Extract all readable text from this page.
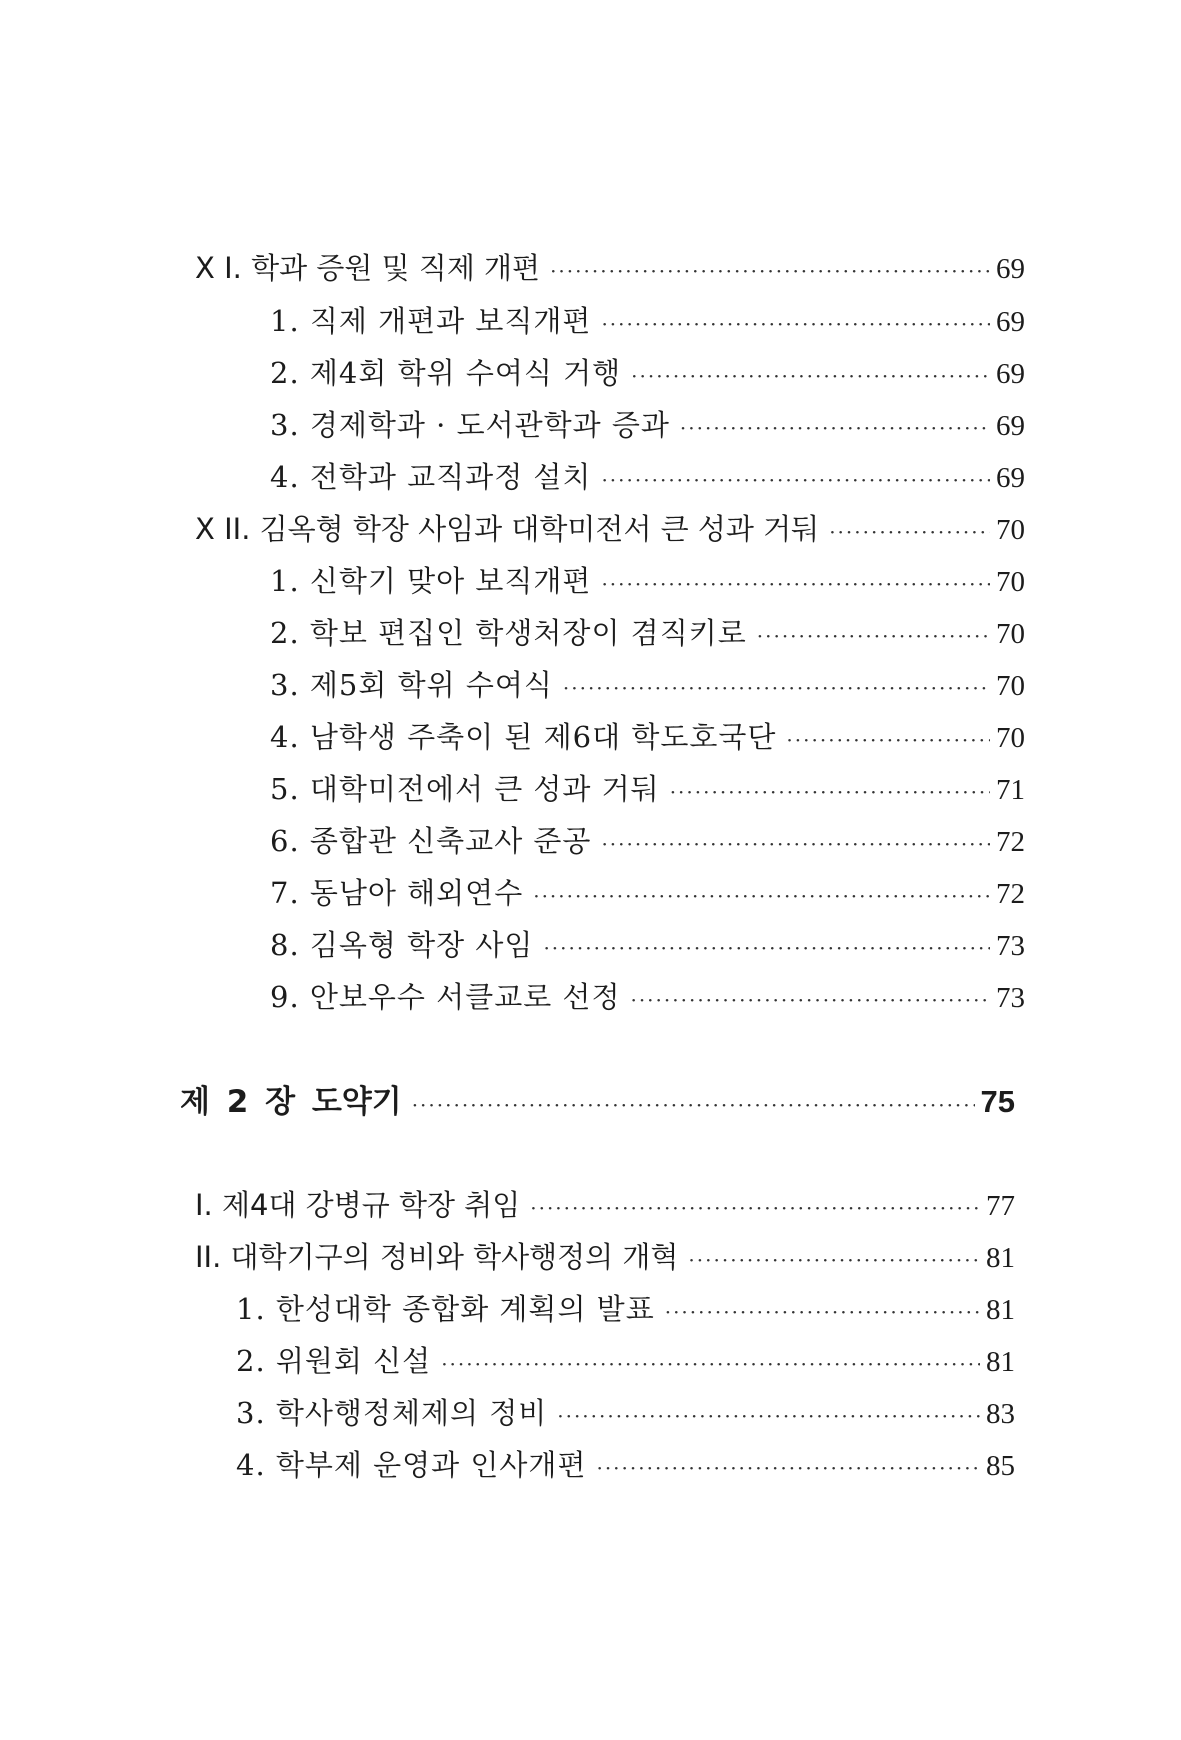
X I. 학과 증원 및 직제 개편 ·····	69
1. 직제 개편과 보직개편 ·····	69
2. 제4회 학위 수여식 거행 ·····	69
3. 경제학과 · 도서관학과 증과 ·····	69
4. 전학과 교직과정 설치 ·····	69
X II. 김옥형 학장 사임과 대학미전서 큰 성과 거둬 ·····	70
1. 신학기 맞아 보직개편 ·····	70
2. 학보 편집인 학생처장이 겸직키로 ·····	70
3. 제5회 학위 수여식 ·····	70
4. 남학생 주축이 된 제6대 학도호국단 ·····	70
5. 대학미전에서 큰 성과 거둬 ·····	71
6. 종합관 신축교사 준공 ·····	72
7. 동남아 해외연수 ·····	72
8. 김옥형 학장 사임 ·····	73
9. 안보우수 서클교로 선정 ·····	73
제 2 장 도약기 ·····	75
I. 제4대 강병규 학장 취임 ·····	77
II. 대학기구의 정비와 학사행정의 개혁 ·····	81
1. 한성대학 종합화 계획의 발표 ·····	81
2. 위원회 신설 ·····	81
3. 학사행정체제의 정비 ·····	83
4. 학부제 운영과 인사개편 ·····	85
